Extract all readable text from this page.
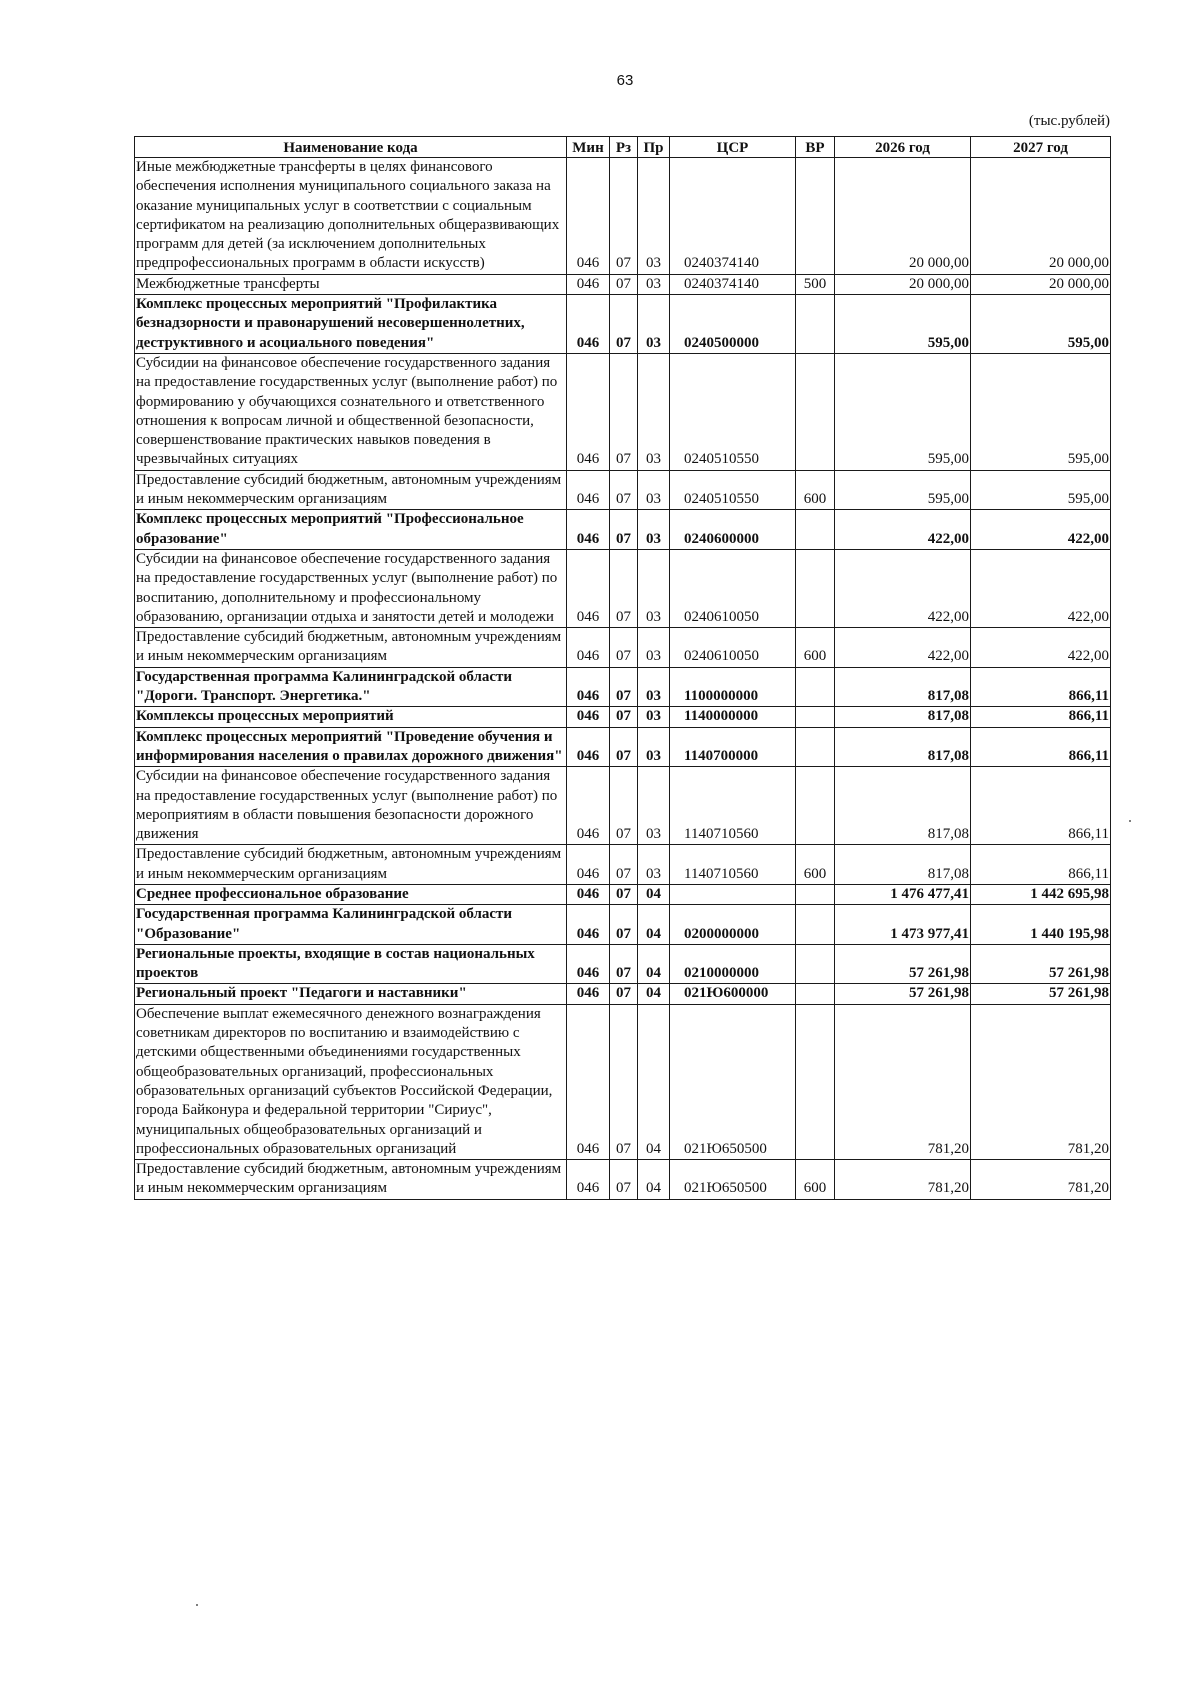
63
(тыс.рублей)
Наименование кода	Мин	Рз	Пр	ЦСР	ВР	2026 год	2027 год
Иные межбюджетные трансферты в целях финансового обеспечения исполнения муниципального социального заказа на оказание муниципальных услуг в соответствии с социальным сертификатом на реализацию дополнительных общеразвивающих программ для детей (за исключением дополнительных предпрофессиональных программ в области искусств)	046	07	03	0240374140		20 000,00	20 000,00
Межбюджетные трансферты	046	07	03	0240374140	500	20 000,00	20 000,00
Комплекс процессных мероприятий "Профилактика безнадзорности и правонарушений несовершеннолетних, деструктивного и асоциального поведения"	046	07	03	0240500000		595,00	595,00
Субсидии на финансовое обеспечение государственного задания на предоставление государственных услуг (выполнение работ) по формированию у обучающихся сознательного и ответственного отношения к вопросам личной и общественной безопасности, совершенствование практических навыков поведения в чрезвычайных ситуациях	046	07	03	0240510550		595,00	595,00
Предоставление субсидий бюджетным, автономным учреждениям и иным некоммерческим организациям	046	07	03	0240510550	600	595,00	595,00
Комплекс процессных мероприятий "Профессиональное образование"	046	07	03	0240600000		422,00	422,00
Субсидии на финансовое обеспечение государственного задания на предоставление государственных услуг (выполнение работ) по воспитанию, дополнительному и профессиональному образованию, организации отдыха и занятости детей и молодежи	046	07	03	0240610050		422,00	422,00
Предоставление субсидий бюджетным, автономным учреждениям и иным некоммерческим организациям	046	07	03	0240610050	600	422,00	422,00
Государственная программа Калининградской области "Дороги. Транспорт. Энергетика."	046	07	03	1100000000		817,08	866,11
Комплексы процессных мероприятий	046	07	03	1140000000		817,08	866,11
Комплекс процессных мероприятий "Проведение обучения и информирования населения о правилах дорожного движения"	046	07	03	1140700000		817,08	866,11
Субсидии на финансовое обеспечение государственного задания на предоставление государственных услуг (выполнение работ) по мероприятиям в области повышения безопасности дорожного движения	046	07	03	1140710560		817,08	866,11
Предоставление субсидий бюджетным, автономным учреждениям и иным некоммерческим организациям	046	07	03	1140710560	600	817,08	866,11
Среднее профессиональное образование	046	07	04			1 476 477,41	1 442 695,98
Государственная программа Калининградской области "Образование"	046	07	04	0200000000		1 473 977,41	1 440 195,98
Региональные проекты, входящие в состав национальных проектов	046	07	04	0210000000		57 261,98	57 261,98
Региональный проект "Педагоги и наставники"	046	07	04	021Ю600000		57 261,98	57 261,98
Обеспечение выплат ежемесячного денежного вознаграждения советникам директоров по воспитанию и взаимодействию с детскими общественными объединениями государственных общеобразовательных организаций, профессиональных образовательных организаций субъектов Российской Федерации, города Байконура и федеральной территории "Сириус", муниципальных общеобразовательных организаций и профессиональных образовательных организаций	046	07	04	021Ю650500		781,20	781,20
Предоставление субсидий бюджетным, автономным учреждениям и иным некоммерческим организациям	046	07	04	021Ю650500	600	781,20	781,20
